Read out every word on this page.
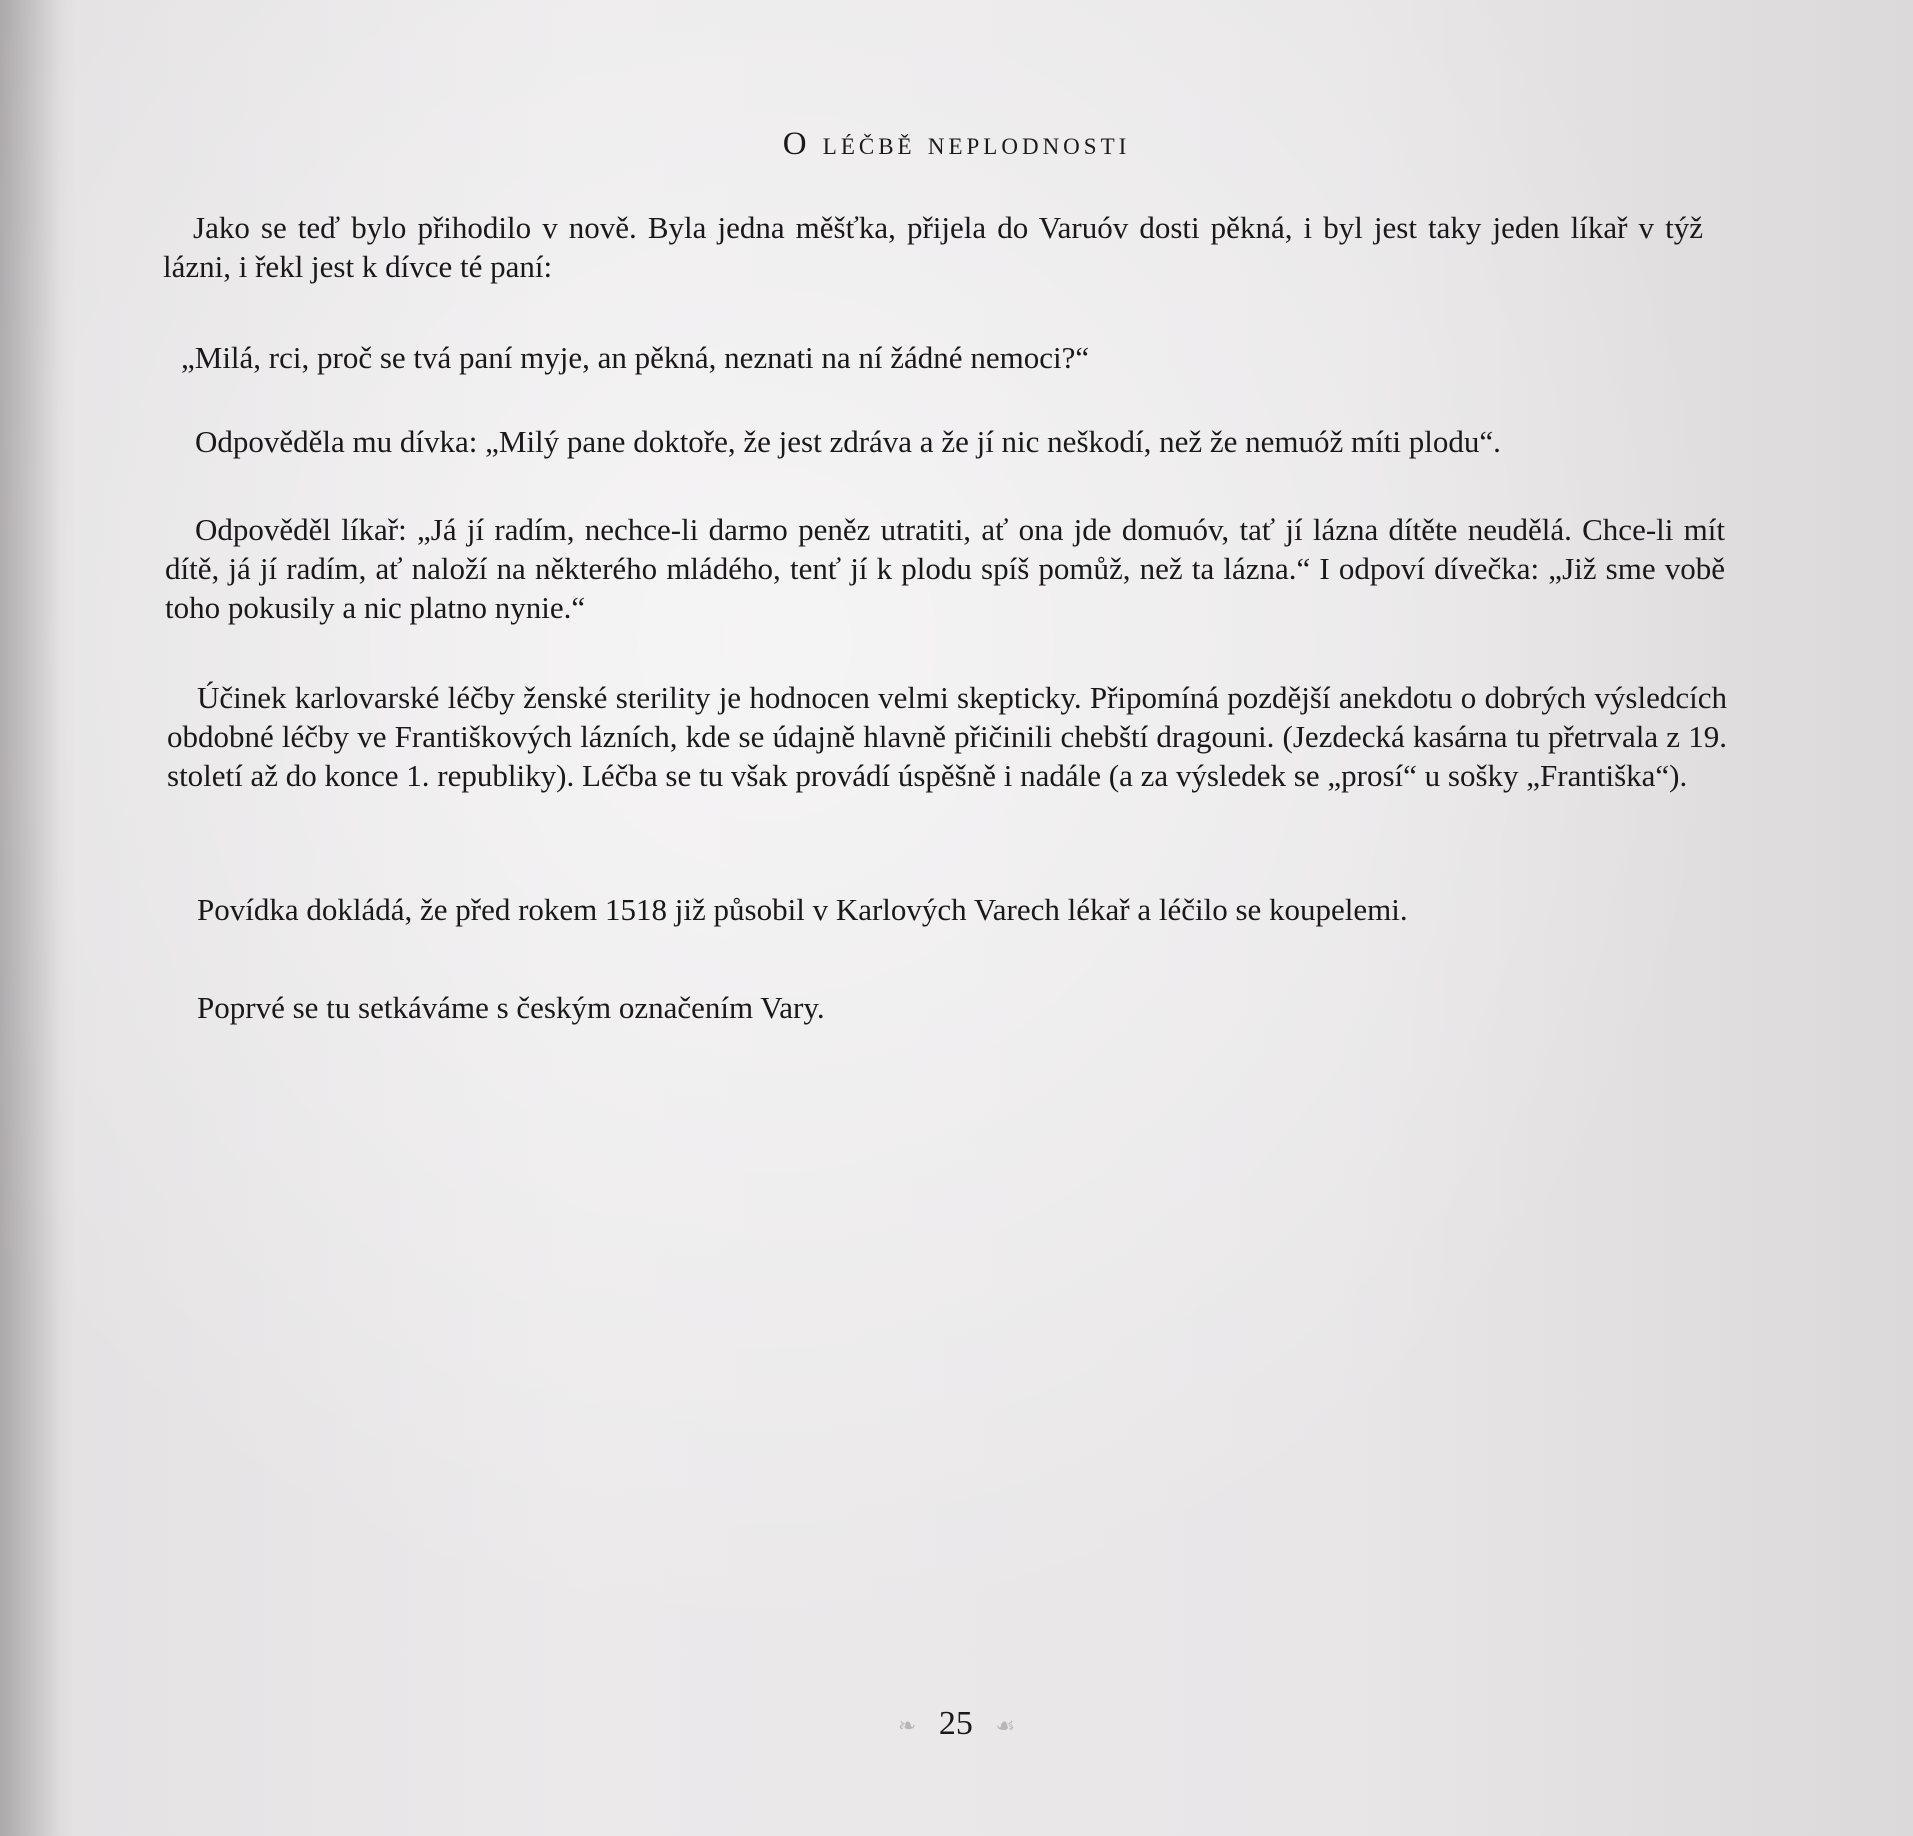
O léčbě neplodnosti

Jako se teď bylo přihodilo v nově. Byla jedna měšťka, přijela do Varuóv dosti pěkná, i byl jest taky jeden líkař v týž lázni, i řekl jest k dívce té paní:

„Milá, rci, proč se tvá paní myje, an pěkná, neznati na ní žádné nemoci?“

Odpověděla mu dívka: „Milý pane doktoře, že jest zdráva a že jí nic neškodí, než že nemuóž míti plodu“.

Odpověděl líkař: „Já jí radím, nechce-li darmo peněz utratiti, ať ona jde domuóv, tať jí lázna dítěte neudělá. Chce-li mít dítě, já jí radím, ať naloží na některého mládého, tenť jí k plodu spíš pomůž, než ta lázna.“ I odpoví dívečka: „Již sme vobě toho pokusily a nic platno nynie.“

Účinek karlovarské léčby ženské sterility je hodnocen velmi skepticky. Připomíná pozdější anekdotu o dobrých výsledcích obdobné léčby ve Františkových lázních, kde se údajně hlavně přičinili chebští dragouni. (Jezdecká kasárna tu přetrvala z 19. století až do konce 1. republiky). Léčba se tu však provádí úspěšně i nadále (a za výsledek se „prosí“ u sošky „Františka“).

Povídka dokládá, že před rokem 1518 již působil v Karlových Varech lékař a léčilo se koupelemi.

Poprvé se tu setkáváme s českým označením Vary.

❧ 25 ☙
